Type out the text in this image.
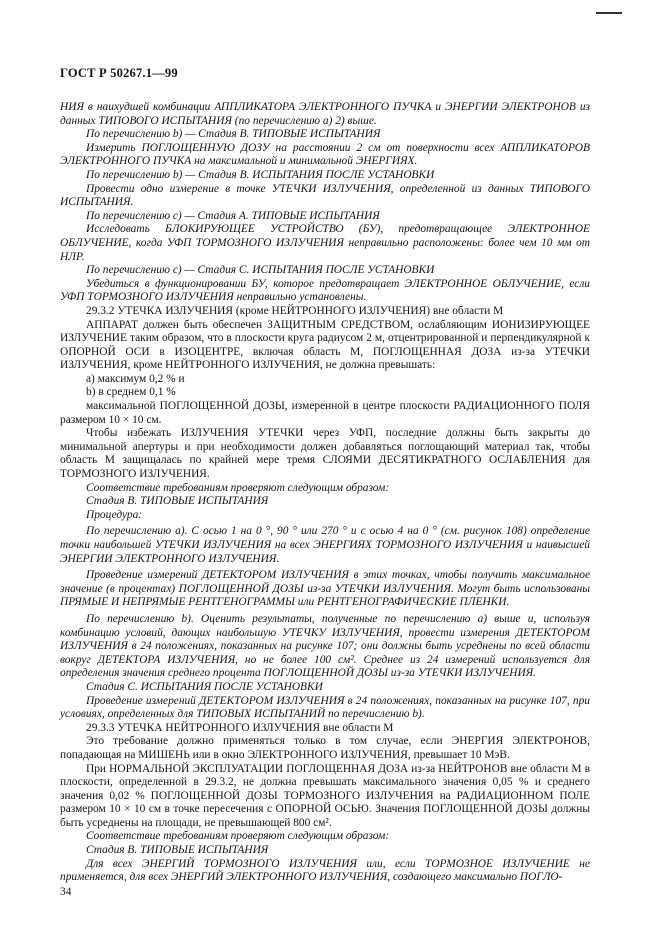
ГОСТ Р 50267.1—99

НИЯ в наихудшей комбинации АППЛИКАТОРА ЭЛЕКТРОННОГО ПУЧКА и ЭНЕРГИИ ЭЛЕКТРОНОВ из данных ТИПОВОГО ИСПЫТАНИЯ (по перечислению а) 2) выше.

По перечислению b) — Стадия В. ТИПОВЫЕ ИСПЫТАНИЯ

Измерить ПОГЛОЩЕННУЮ ДОЗУ на расстоянии 2 см от поверхности всех АППЛИКАТОРОВ ЭЛЕКТРОННОГО ПУЧКА на максимальной и минимальной ЭНЕРГИЯХ.

По перечислению b) — Стадия В. ИСПЫТАНИЯ ПОСЛЕ УСТАНОВКИ

Провести одно измерение в точке УТЕЧКИ ИЗЛУЧЕНИЯ, определенной из данных ТИПОВОГО ИСПЫТАНИЯ.

По перечислению с) — Стадия А. ТИПОВЫЕ ИСПЫТАНИЯ

Исследовать БЛОКИРУЮЩЕЕ УСТРОЙСТВО (БУ), предотвращающее ЭЛЕКТРОННОЕ ОБЛУЧЕНИЕ, когда УФП ТОРМОЗНОГО ИЗЛУЧЕНИЯ неправильно расположены: более чем 10 мм от НЛР.

По перечислению с) — Стадия С. ИСПЫТАНИЯ ПОСЛЕ УСТАНОВКИ

Убедиться в функционировании БУ, которое предотвращает ЭЛЕКТРОННОЕ ОБЛУЧЕНИЕ, если УФП ТОРМОЗНОГО ИЗЛУЧЕНИЯ неправильно установлены.

29.3.2 УТЕЧКА ИЗЛУЧЕНИЯ (кроме НЕЙТРОННОГО ИЗЛУЧЕНИЯ) вне области М

АППАРАТ должен быть обеспечен ЗАЩИТНЫМ СРЕДСТВОМ, ослабляющим ИОНИЗИРУЮЩЕЕ ИЗЛУЧЕНИЕ таким образом, что в плоскости круга радиусом 2 м, отцентрированной и перпендикулярной к ОПОРНОЙ ОСИ в ИЗОЦЕНТРЕ, включая область М, ПОГЛОЩЕННАЯ ДОЗА из-за УТЕЧКИ ИЗЛУЧЕНИЯ, кроме НЕЙТРОННОГО ИЗЛУЧЕНИЯ, не должна превышать:

а) максимум 0,2 % и

b) в среднем 0,1 %

максимальной ПОГЛОЩЕННОЙ ДОЗЫ, измеренной в центре плоскости РАДИАЦИОННОГО ПОЛЯ размером 10 × 10 см.

Чтобы избежать ИЗЛУЧЕНИЯ УТЕЧКИ через УФП, последние должны быть закрыты до минимальной апертуры и при необходимости должен добавляться поглощающий материал так, чтобы область М защищалась по крайней мере тремя СЛОЯМИ ДЕСЯТИКРАТНОГО ОСЛАБЛЕНИЯ для ТОРМОЗНОГО ИЗЛУЧЕНИЯ.

Соответствие требованиям проверяют следующим образом:

Стадия В. ТИПОВЫЕ ИСПЫТАНИЯ

Процедура:

По перечислению а). С осью 1 на 0 °, 90 ° или 270 ° и с осью 4 на 0 ° (см. рисунок 108) определение точки наибольшей УТЕЧКИ ИЗЛУЧЕНИЯ на всех ЭНЕРГИЯХ ТОРМОЗНОГО ИЗЛУЧЕНИЯ и наивысшей ЭНЕРГИИ ЭЛЕКТРОННОГО ИЗЛУЧЕНИЯ.

Проведение измерений ДЕТЕКТОРОМ ИЗЛУЧЕНИЯ в этих точках, чтобы получить максимальное значение (в процентах) ПОГЛОЩЕННОЙ ДОЗЫ из-за УТЕЧКИ ИЗЛУЧЕНИЯ. Могут быть использованы ПРЯМЫЕ И НЕПРЯМЫЕ РЕНТГЕНОГРАММЫ или РЕНТГЕНОГРАФИЧЕСКИЕ ПЛЕНКИ.

По перечислению b). Оценить результаты, полученные по перечислению а) выше и, используя комбинацию условий, дающих наибольшую УТЕЧКУ ИЗЛУЧЕНИЯ, провести измерения ДЕТЕКТОРОМ ИЗЛУЧЕНИЯ в 24 положениях, показанных на рисунке 107; они должны быть усреднены по всей области вокруг ДЕТЕКТОРА ИЗЛУЧЕНИЯ, но не более 100 см². Среднее из 24 измерений используется для определения значения среднего процента ПОГЛОЩЕННОЙ ДОЗЫ из-за УТЕЧКИ ИЗЛУЧЕНИЯ.

Стадия С. ИСПЫТАНИЯ ПОСЛЕ УСТАНОВКИ

Проведение измерений ДЕТЕКТОРОМ ИЗЛУЧЕНИЯ в 24 положениях, показанных на рисунке 107, при условиях, определенных для ТИПОВЫХ ИСПЫТАНИЙ по перечислению b).

29.3.3 УТЕЧКА НЕЙТРОННОГО ИЗЛУЧЕНИЯ вне области М

Это требование должно применяться только в том случае, если ЭНЕРГИЯ ЭЛЕКТРОНОВ, попадающая на МИШЕНЬ или в окно ЭЛЕКТРОННОГО ИЗЛУЧЕНИЯ, превышает 10 МэВ.

При НОРМАЛЬНОЙ ЭКСПЛУАТАЦИИ ПОГЛОЩЕННАЯ ДОЗА из-за НЕЙТРОНОВ вне области М в плоскости, определенной в 29.3.2, не должна превышать максимального значения 0,05 % и среднего значения 0,02 % ПОГЛОЩЕННОЙ ДОЗЫ ТОРМОЗНОГО ИЗЛУЧЕНИЯ на РАДИАЦИОННОМ ПОЛЕ размером 10 × 10 см в точке пересечения с ОПОРНОЙ ОСЬЮ. Значения ПОГЛОЩЕННОЙ ДОЗЫ должны быть усреднены на площади, не превышающей 800 см².

Соответствие требованиям проверяют следующим образом:

Стадия В. ТИПОВЫЕ ИСПЫТАНИЯ

Для всех ЭНЕРГИЙ ТОРМОЗНОГО ИЗЛУЧЕНИЯ или, если ТОРМОЗНОЕ ИЗЛУЧЕНИЕ не применяется, для всех ЭНЕРГИЙ ЭЛЕКТРОННОГО ИЗЛУЧЕНИЯ, создающего максимально ПОГЛО-

34
